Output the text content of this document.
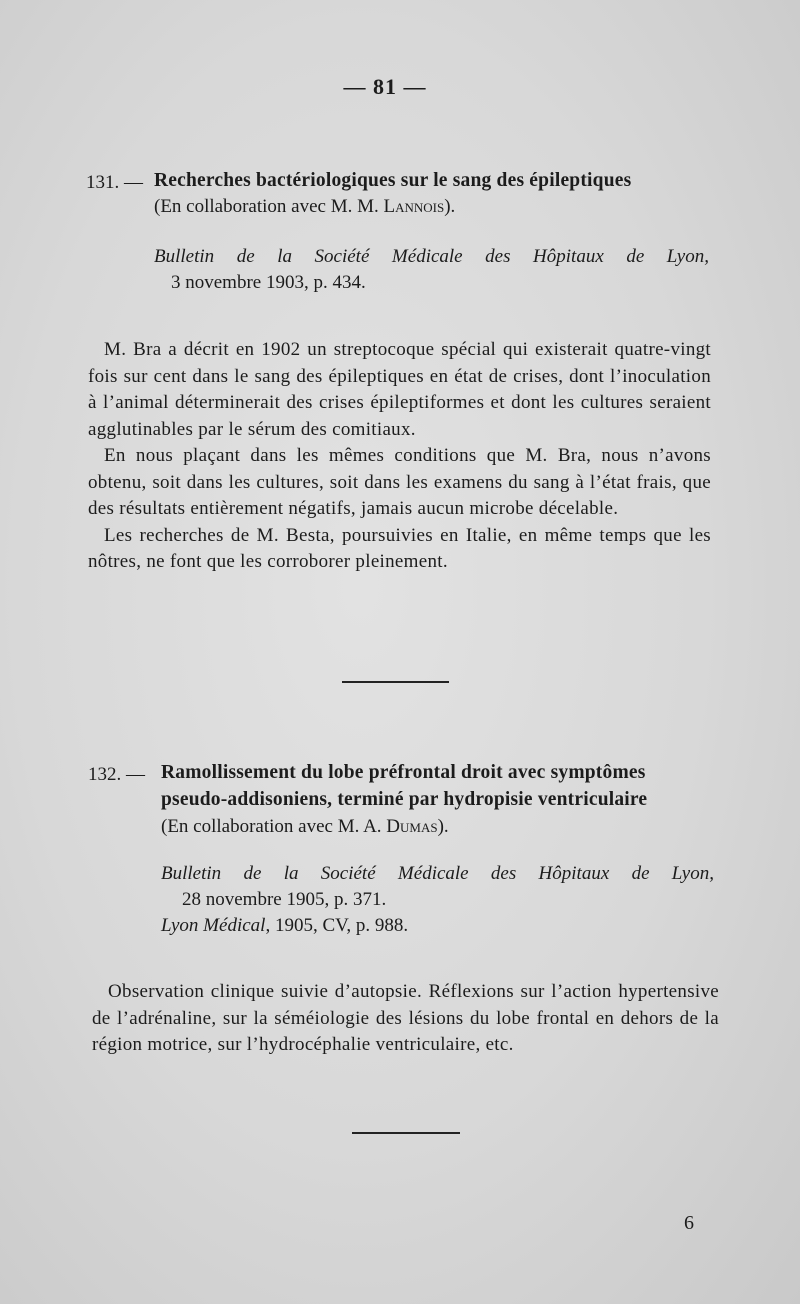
— 81 —
131. — Recherches bactériologiques sur le sang des épileptiques
(En collaboration avec M. M. Lannois).
Bulletin de la Société Médicale des Hôpitaux de Lyon,
3 novembre 1903, p. 434.

M. Bra a décrit en 1902 un streptocoque spécial qui existerait quatre-vingt fois sur cent dans le sang des épileptiques en état de crises, dont l’inoculation à l’animal déterminerait des crises épileptiformes et dont les cultures seraient agglutinables par le sérum des comitiaux.

En nous plaçant dans les mêmes conditions que M. Bra, nous n’avons obtenu, soit dans les cultures, soit dans les examens du sang à l’état frais, que des résultats entièrement négatifs, jamais aucun microbe décelable.

Les recherches de M. Besta, poursuivies en Italie, en même temps que les nôtres, ne font que les corroborer pleinement.

132. — Ramollissement du lobe préfrontal droit avec symptômes
pseudo-addisoniens, terminé par hydropisie ventriculaire
(En collaboration avec M. A. Dumas).
Bulletin de la Société Médicale des Hôpitaux de Lyon,
28 novembre 1905, p. 371.
Lyon Médical, 1905, CV, p. 988.

Observation clinique suivie d’autopsie. Réflexions sur l’action hypertensive de l’adrénaline, sur la séméiologie des lésions du lobe frontal en dehors de la région motrice, sur l’hydrocéphalie ventriculaire, etc.

6
